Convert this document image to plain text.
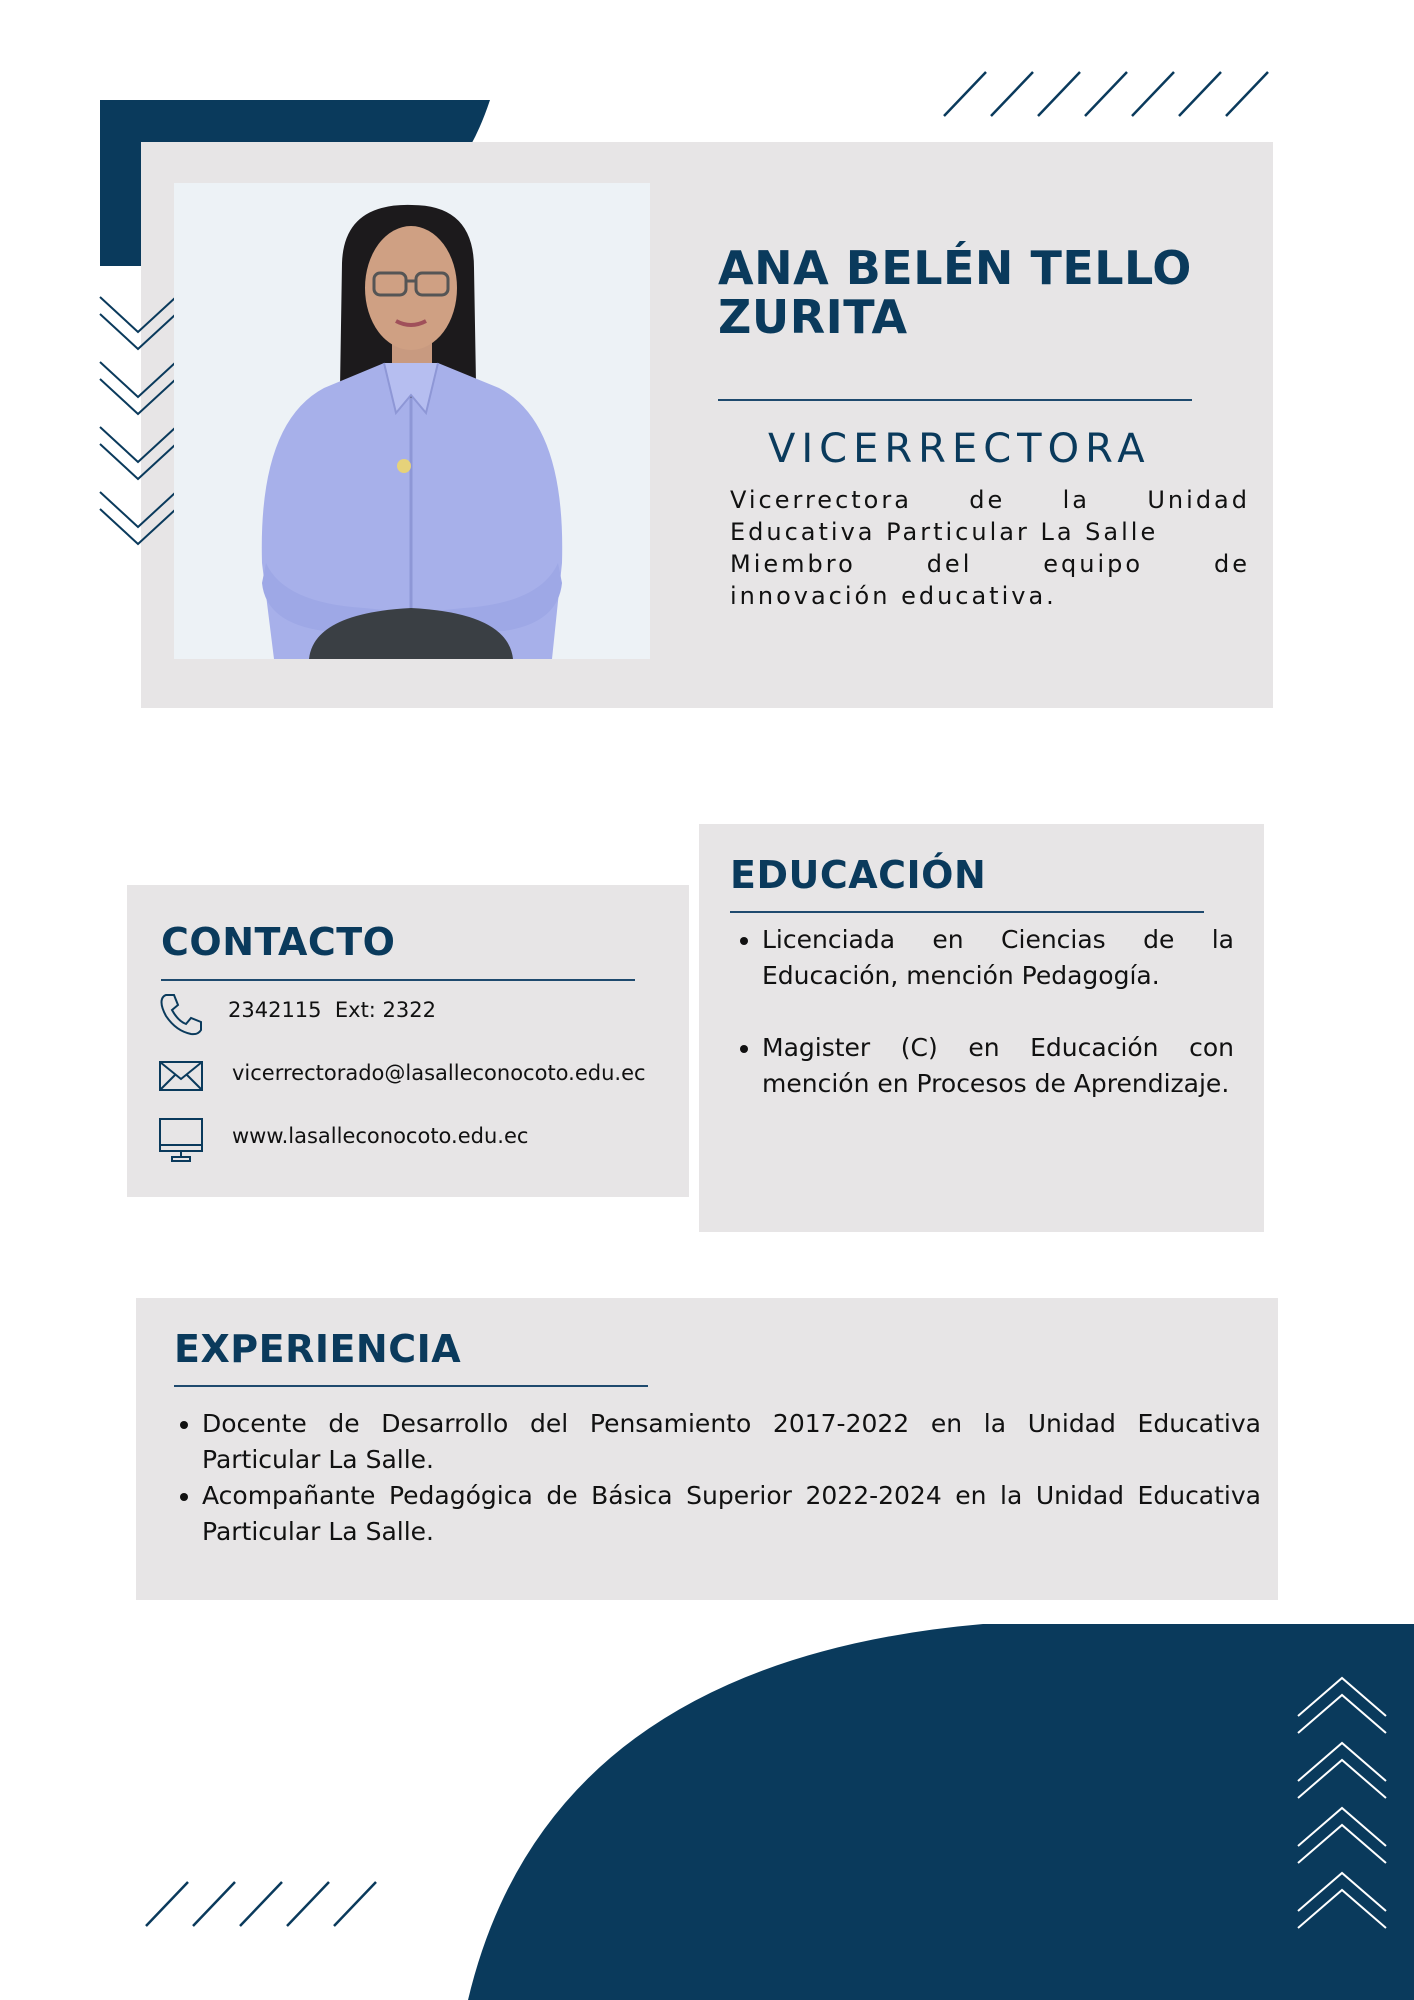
ANA BELÉN TELLO ZURITA
VICERRECTORA
Vicerrectora de la Unidad
Educativa Particular La Salle
Miembro del equipo de
innovación educativa.
CONTACTO
2342115  Ext: 2322
vicerrectorado@lasalleconocoto.edu.ec
www.lasalleconocoto.edu.ec
EDUCACIÓN
• Licenciada en Ciencias de la Educación, mención Pedagogía.
• Magister (C) en Educación con mención en Procesos de Aprendizaje.
EXPERIENCIA
• Docente de Desarrollo del Pensamiento 2017-2022 en la Unidad Educativa Particular La Salle.
• Acompañante Pedagógica de Básica Superior 2022-2024 en la Unidad Educativa Particular La Salle.
